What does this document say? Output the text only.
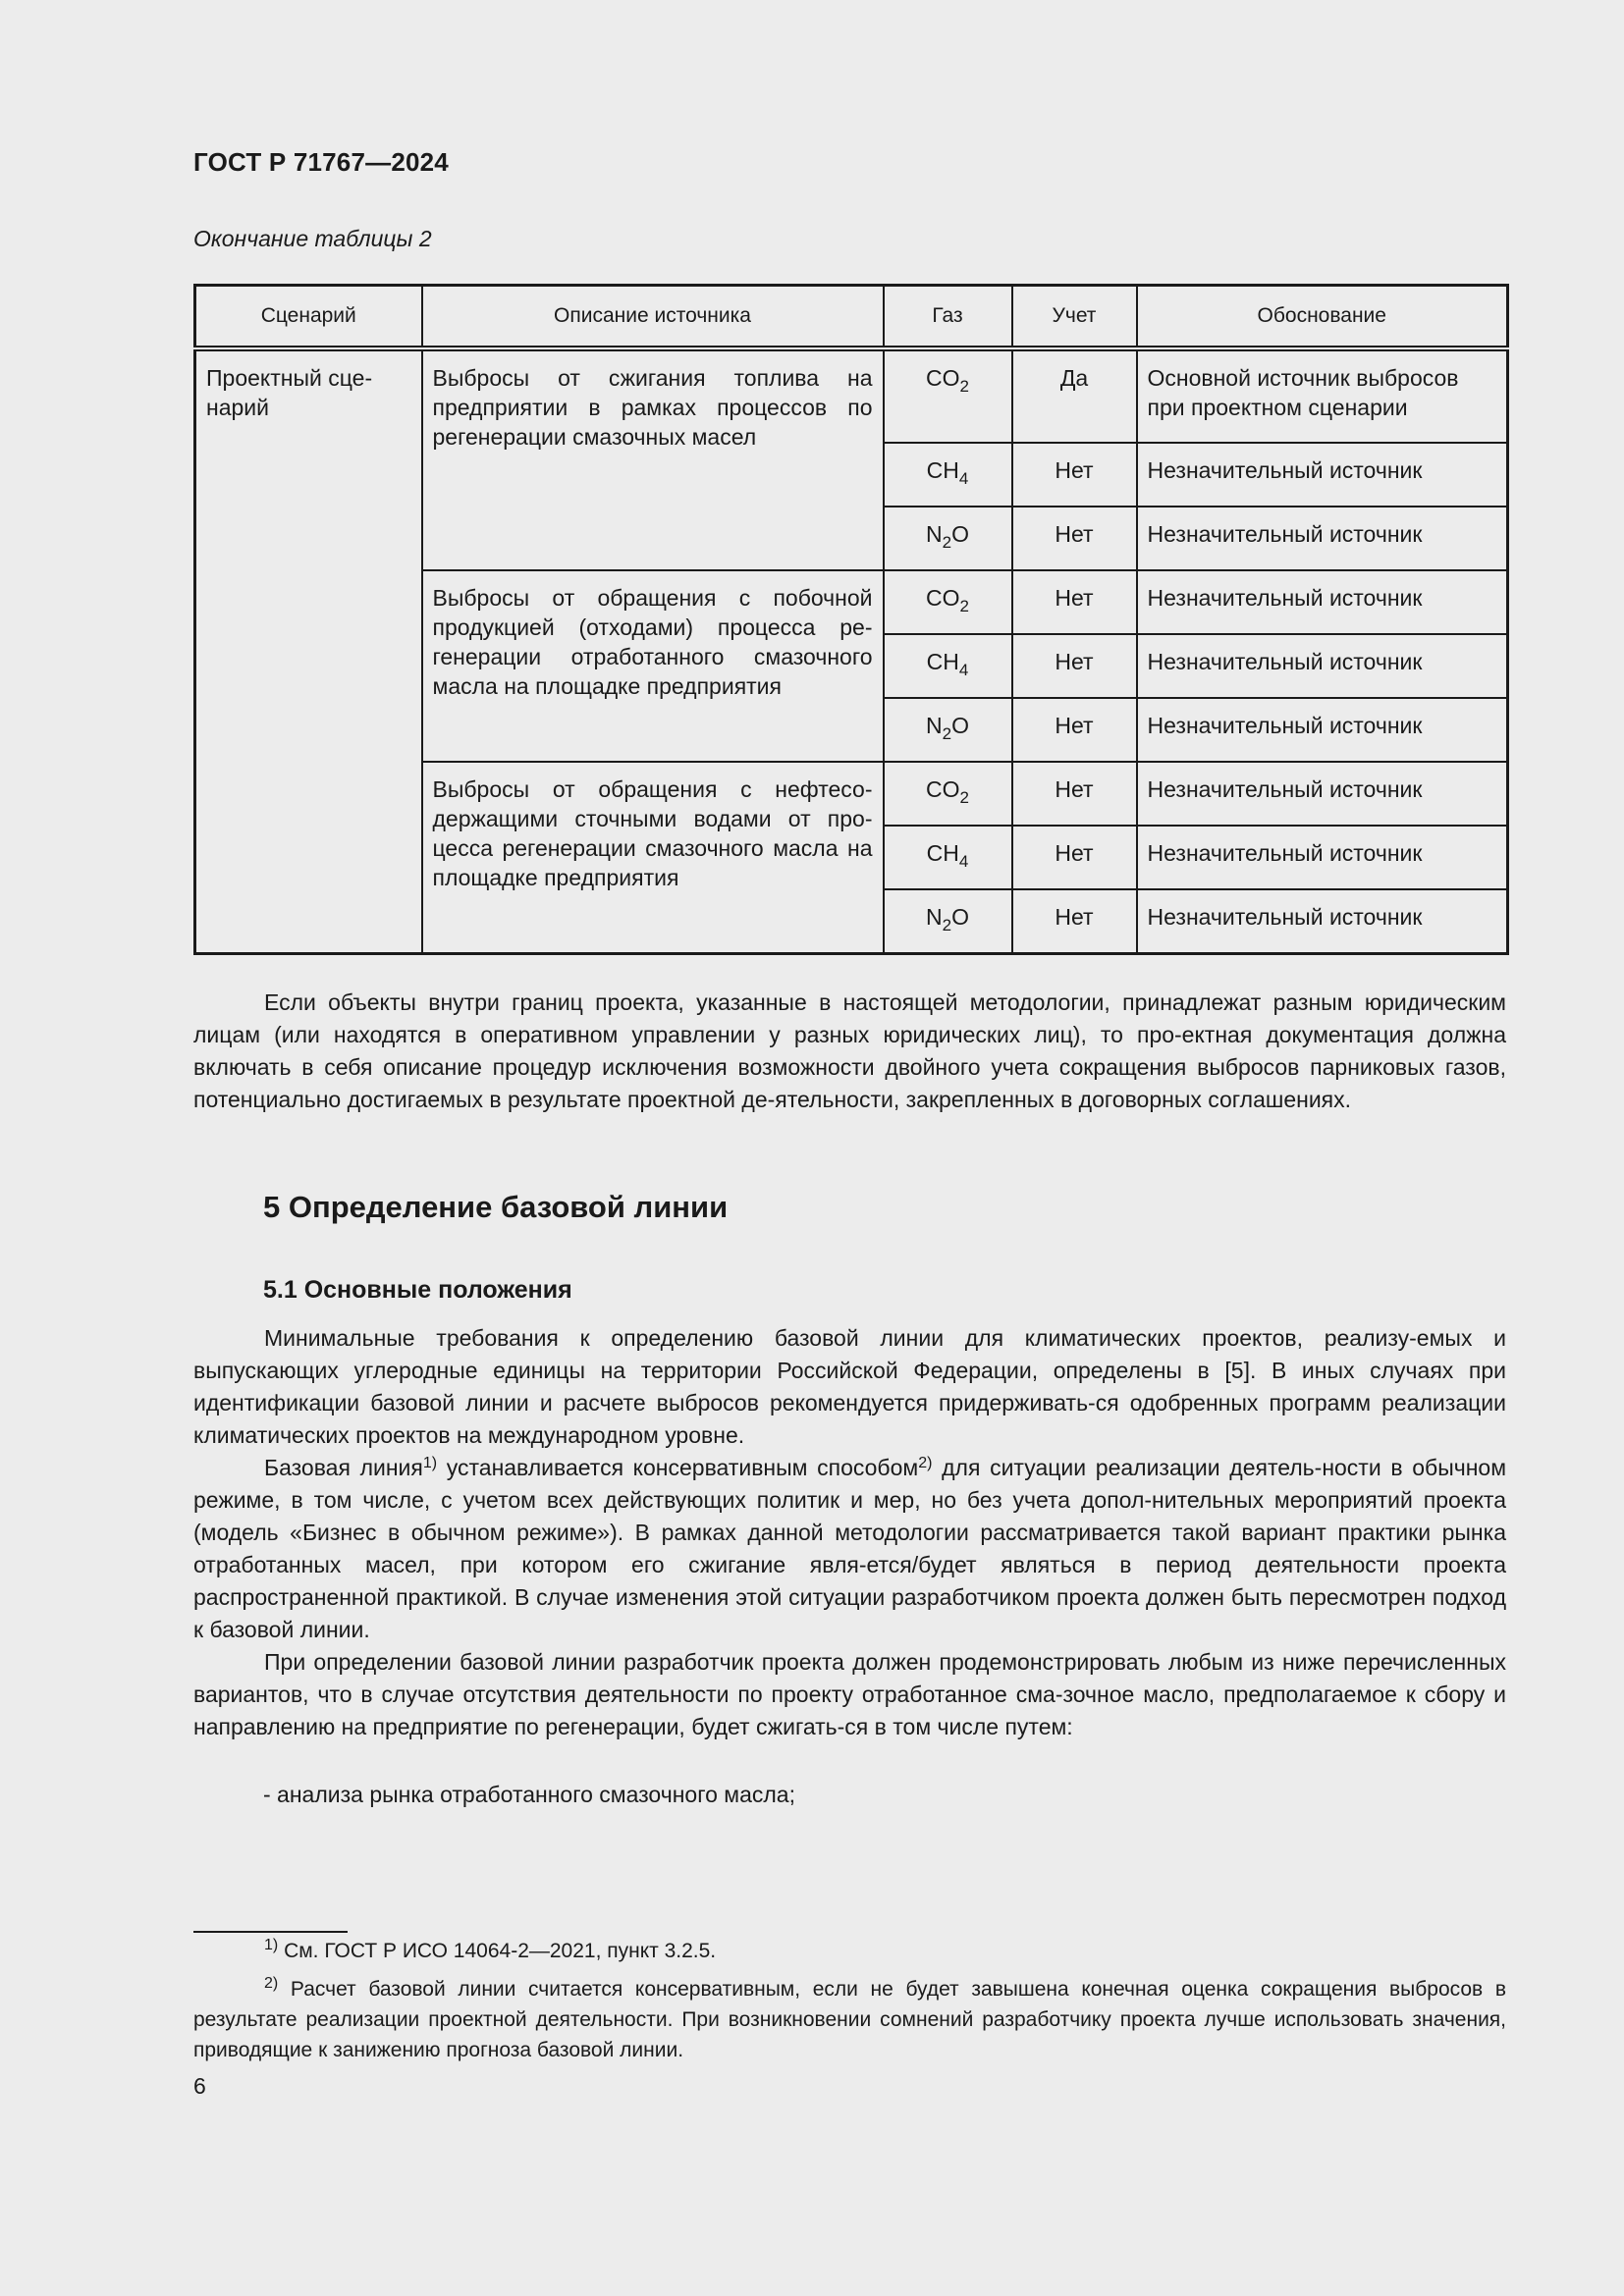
ГОСТ Р 71767—2024
Окончание таблицы 2
Сценарий	Описание источника	Газ	Учет	Обоснование
Проектный сце-
нарий	Выбросы от сжигания топлива на предприятии в рамках процессов по регенерации смазочных масел	$CO_2$	Да	Основной источник выбросов при проектном сценарии
		$CH_4$	Нет	Незначительный источник
		$N_2O$	Нет	Незначительный источник
	Выбросы от обращения с побочной продукцией (отходами) процесса ре- генерации отработанного смазочного масла на площадке предприятия	$CO_2$	Нет	Незначительный источник
		$CH_4$	Нет	Незначительный источник
		$N_2O$	Нет	Незначительный источник
	Выбросы от обращения с нефтесо- держащими сточными водами от про- цесса регенерации смазочного масла на площадке предприятия	$CO_2$	Нет	Незначительный источник
		$CH_4$	Нет	Незначительный источник
		$N_2O$	Нет	Незначительный источник

Если объекты внутри границ проекта, указанные в настоящей методологии, принадлежат разным юридическим лицам (или находятся в оперативном управлении у разных юридических лиц), то про-ектная документация должна включать в себя описание процедур исключения возможности двойного учета сокращения выбросов парниковых газов, потенциально достигаемых в результате проектной де-ятельности, закрепленных в договорных соглашениях.

5 Определение базовой линии
5.1 Основные положения

Минимальные требования к определению базовой линии для климатических проектов, реализу-емых и выпускающих углеродные единицы на территории Российской Федерации, определены в [5]. В иных случаях при идентификации базовой линии и расчете выбросов рекомендуется придерживать-ся одобренных программ реализации климатических проектов на международном уровне.

Базовая линия$^{1)}$ устанавливается консервативным способом$^{2)}$ для ситуации реализации деятель-ности в обычном режиме, в том числе, с учетом всех действующих политик и мер, но без учета допол-нительных мероприятий проекта (модель «Бизнес в обычном режиме»). В рамках данной методологии рассматривается такой вариант практики рынка отработанных масел, при котором его сжигание явля-ется/будет являться в период деятельности проекта распространенной практикой. В случае изменения этой ситуации разработчиком проекта должен быть пересмотрен подход к базовой линии.

При определении базовой линии разработчик проекта должен продемонстрировать любым из ниже перечисленных вариантов, что в случае отсутствия деятельности по проекту отработанное сма-зочное масло, предполагаемое к сбору и направлению на предприятие по регенерации, будет сжигать-ся в том числе путем:

- анализа рынка отработанного смазочного масла;

$^{1)}$ См. ГОСТ Р ИСО 14064-2—2021, пункт 3.2.5.

$^{2)}$ Расчет базовой линии считается консервативным, если не будет завышена конечная оценка сокращения выбросов в результате реализации проектной деятельности. При возникновении сомнений разработчику проекта лучше использовать значения, приводящие к занижению прогноза базовой линии.

6
